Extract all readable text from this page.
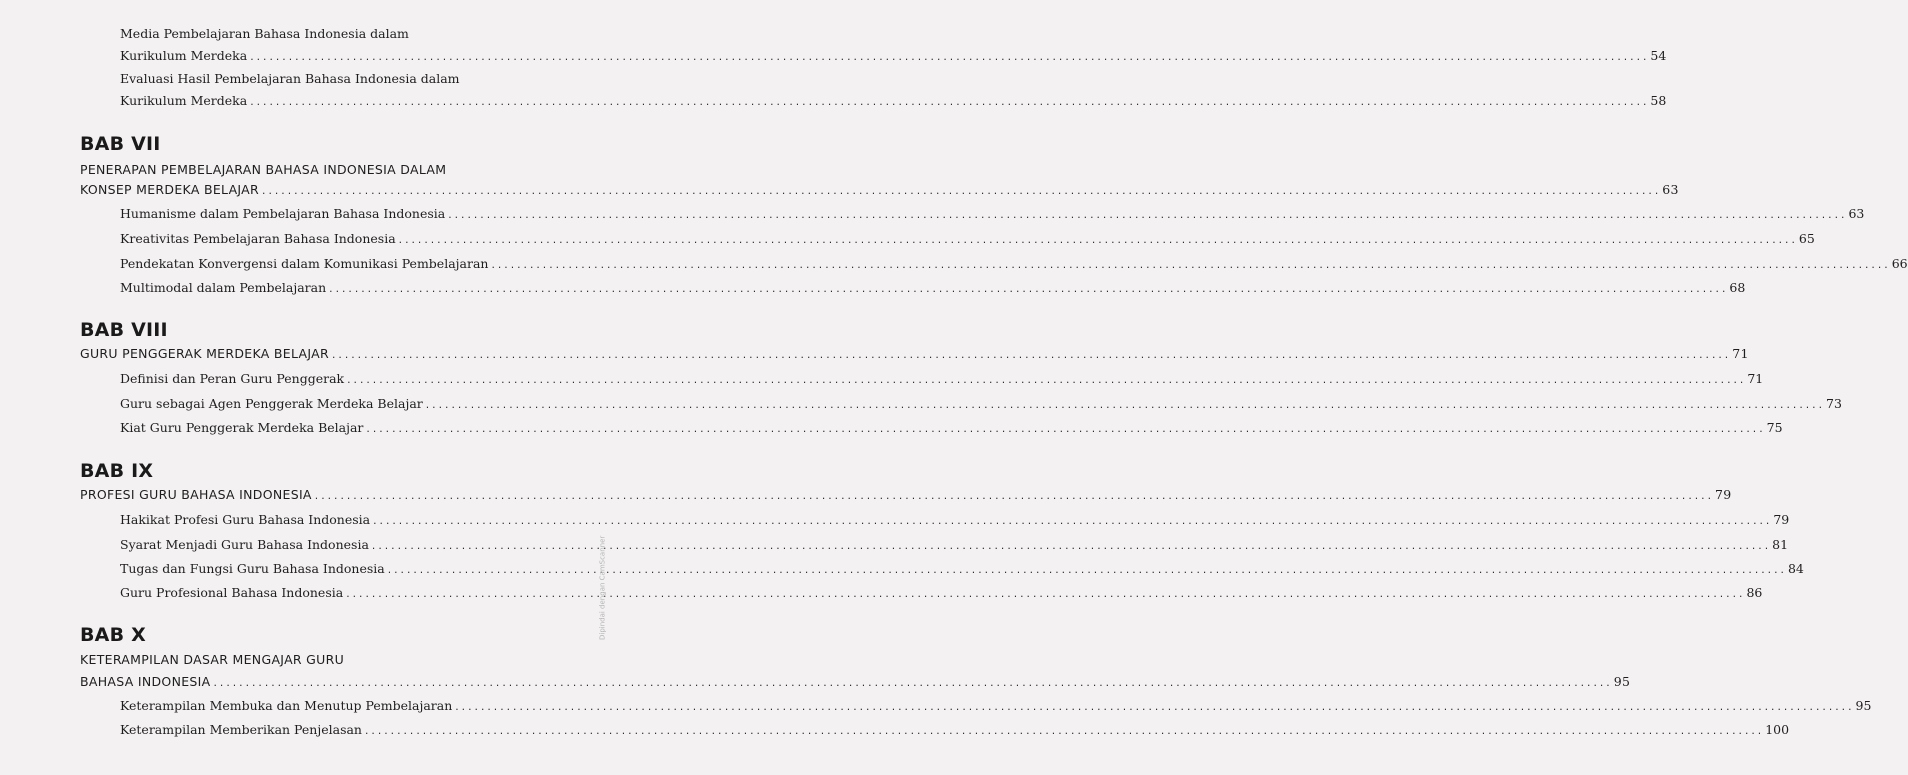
Media Pembelajaran Bahasa Indonesia dalam
Kurikulum Merdeka .....	54
Evaluasi Hasil Pembelajaran Bahasa Indonesia dalam
Kurikulum Merdeka .....	58
BAB VII
PENERAPAN PEMBELAJARAN BAHASA INDONESIA DALAM
KONSEP MERDEKA BELAJAR .....	63
Humanisme dalam Pembelajaran Bahasa Indonesia .....	63
Kreativitas Pembelajaran Bahasa Indonesia .....	65
Pendekatan Konvergensi dalam Komunikasi Pembelajaran .....	66
Multimodal dalam Pembelajaran .....	68
BAB VIII
GURU PENGGERAK MERDEKA BELAJAR .....	71
Definisi dan Peran Guru Penggerak .....	71
Guru sebagai Agen Penggerak Merdeka Belajar .....	73
Kiat Guru Penggerak Merdeka Belajar .....	75
BAB IX
PROFESI GURU BAHASA INDONESIA .....	79
Hakikat Profesi Guru Bahasa Indonesia .....	79
Syarat Menjadi Guru Bahasa Indonesia .....	81
Tugas dan Fungsi Guru Bahasa Indonesia .....	84
Guru Profesional Bahasa Indonesia .....	86
BAB X
KETERAMPILAN DASAR MENGAJAR GURU
BAHASA INDONESIA .....	95
Keterampilan Membuka dan Menutup Pembelajaran .....	95
Keterampilan Memberikan Penjelasan .....	100
Dipindai dengan CamScanner
